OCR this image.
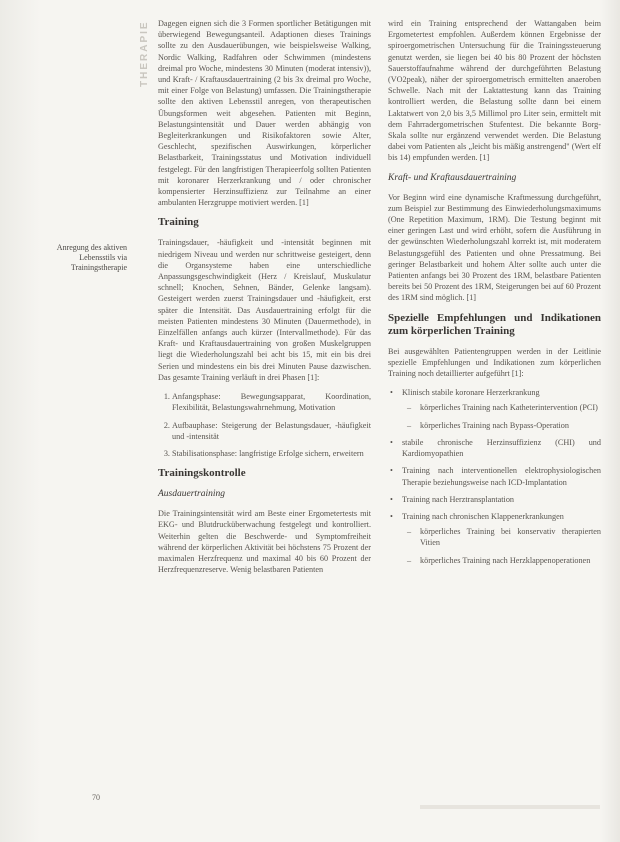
THERAPIE
Anregung des aktiven Lebensstils via Trainingstherapie

Dagegen eignen sich die 3 Formen sportlicher Betätigungen mit überwiegend Bewegungsanteil. Adaptionen dieses Trainings sollte zu den Ausdauerübungen, wie beispielsweise Walking, Nordic Walking, Radfahren oder Schwimmen (mindestens dreimal pro Woche, mindestens 30 Minuten (moderat intensiv)), und Kraft- / Kraftausdauertraining (2 bis 3x dreimal pro Woche, mit einer Folge von Belastung) umfassen. Die Trainingstherapie sollte den aktiven Lebensstil anregen, von therapeutischen Übungsformen weit abgesehen. Patienten mit Beginn, Belastungsintensität und Dauer werden abhängig von Begleiterkrankungen und Risikofaktoren sowie Alter, Geschlecht, spezifischen Auswirkungen, körperlicher Belastbarkeit, Trainingsstatus und Motivation individuell festgelegt. Für den langfristigen Therapieerfolg sollten Patienten mit koronarer Herzerkrankung und / oder chronischer kompensierter Herzinsuffizienz zur Teilnahme an einer ambulanten Herzgruppe motiviert werden. [1]

Training

Trainingsdauer, -häufigkeit und -intensität beginnen mit niedrigem Niveau und werden nur schrittweise gesteigert, denn die Organsysteme haben eine unterschiedliche Anpassungsgeschwindigkeit (Herz / Kreislauf, Muskulatur schnell; Knochen, Sehnen, Bänder, Gelenke langsam). Gesteigert werden zuerst Trainingsdauer und -häufigkeit, erst später die Intensität. Das Ausdauertraining erfolgt für die meisten Patienten mindestens 30 Minuten (Dauermethode), in Einzelfällen anfangs auch kürzer (Intervallmethode). Für das Kraft- und Kraftausdauertraining von großen Muskelgruppen liegt die Wiederholungszahl bei acht bis 15, mit ein bis drei Serien und mindestens ein bis drei Minuten Pause dazwischen. Das gesamte Training verläuft in drei Phasen [1]:

1. Anfangsphase: Bewegungsapparat, Koordination, Flexibilität, Belastungswahrnehmung, Motivation
2. Aufbauphase: Steigerung der Belastungsdauer, -häufigkeit und -intensität
3. Stabilisationsphase: langfristige Erfolge sichern, erweitern
Trainingskontrolle
Ausdauertraining

Die Trainingsintensität wird am Beste einer Ergometertests mit EKG- und Blutdrucküberwachung festgelegt und kontrolliert. Weiterhin gelten die Beschwerde- und Symptomfreiheit während der körperlichen Aktivität bei höchstens 75 Prozent der maximalen Herzfrequenz und maximal 40 bis 60 Prozent der Herzfrequenzreserve. Wenig belastbaren Patienten

wird ein Training entsprechend der Wattangaben beim Ergometertest empfohlen. Außerdem können Ergebnisse der spiroergometrischen Untersuchung für die Trainingssteuerung genutzt werden, sie liegen bei 40 bis 80 Prozent der höchsten Sauerstoffaufnahme während der durchgeführten Belastung (VO2peak), näher der spiroergometrisch ermittelten anaeroben Schwelle. Nach mit der Laktattestung kann das Training kontrolliert werden, die Belastung sollte dann bei einem Laktatwert von 2,0 bis 3,5 Millimol pro Liter sein, ermittelt mit dem Fahrradergometrischen Stufentest. Die bekannte Borg-Skala sollte nur ergänzend verwendet werden. Die Belastung dabei vom Patienten als „leicht bis mäßig anstrengend" (Wert elf bis 14) empfunden werden. [1]

Kraft- und Kraftausdauertraining

Vor Beginn wird eine dynamische Kraftmessung durchgeführt, zum Beispiel zur Bestimmung des Einwiederholungsmaximums (One Repetition Maximum, 1RM). Die Testung beginnt mit einer geringen Last und wird erhöht, sofern die Ausführung in der gewünschten Wiederholungszahl korrekt ist, mit moderatem Belastungsgefühl des Patienten und ohne Pressatmung. Bei geringer Belastbarkeit und hohem Alter sollte auch unter die Patienten anfangs bei 30 Prozent des 1RM, belastbare Patienten bereits bei 50 Prozent des 1RM, Steigerungen bei auf 60 Prozent des 1RM sind möglich. [1]

Spezielle Empfehlungen und Indikationen zum körperlichen Training

Bei ausgewählten Patientengruppen werden in der Leitlinie spezielle Empfehlungen und Indikationen zum körperlichen Training noch detaillierter aufgeführt [1]:

• Klinisch stabile koronare Herzerkrankung
– körperliches Training nach Katheterintervention (PCI)
– körperliches Training nach Bypass-Operation
• stabile chronische Herzinsuffizienz (CHI) und Kardiomyopathien
• Training nach interventionellen elektrophysiologischen Therapie beziehungsweise nach ICD-Implantation
• Training nach Herztransplantation
• Training nach chronischen Klappenerkrankungen
– körperliches Training bei konservativ therapierten Vitien
– körperliches Training nach Herzklappenoperationen
70
